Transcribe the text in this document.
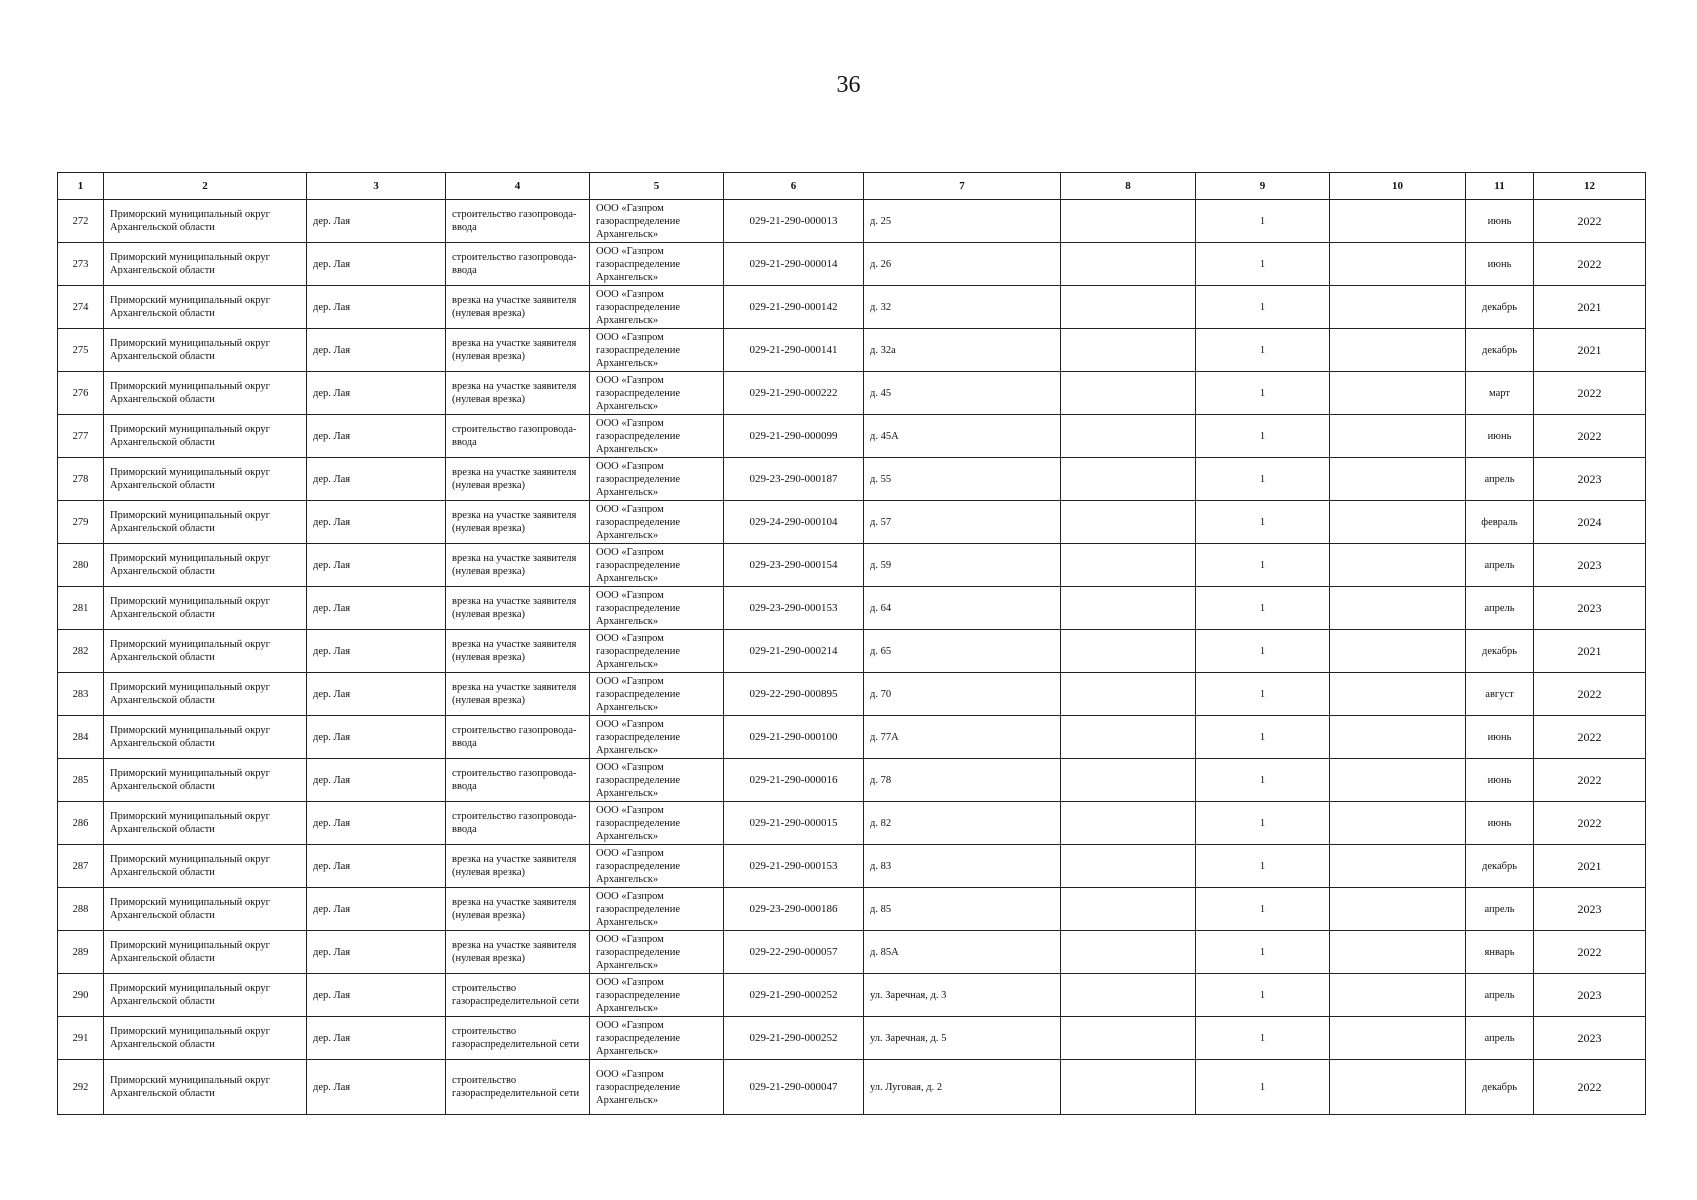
36
1	2	3	4	5	6	7	8	9	10	11	12
272	Приморский муниципальный округ Архангельской области	дер. Лая	строительство газопровода-ввода	ООО «Газпром газораспределение Архангельск»	029-21-290-000013	д. 25		1		июнь	2022
273	Приморский муниципальный округ Архангельской области	дер. Лая	строительство газопровода-ввода	ООО «Газпром газораспределение Архангельск»	029-21-290-000014	д. 26		1		июнь	2022
274	Приморский муниципальный округ Архангельской области	дер. Лая	врезка на участке заявителя (нулевая врезка)	ООО «Газпром газораспределение Архангельск»	029-21-290-000142	д. 32		1		декабрь	2021
275	Приморский муниципальный округ Архангельской области	дер. Лая	врезка на участке заявителя (нулевая врезка)	ООО «Газпром газораспределение Архангельск»	029-21-290-000141	д. 32а		1		декабрь	2021
276	Приморский муниципальный округ Архангельской области	дер. Лая	врезка на участке заявителя (нулевая врезка)	ООО «Газпром газораспределение Архангельск»	029-21-290-000222	д. 45		1		март	2022
277	Приморский муниципальный округ Архангельской области	дер. Лая	строительство газопровода-ввода	ООО «Газпром газораспределение Архангельск»	029-21-290-000099	д. 45А		1		июнь	2022
278	Приморский муниципальный округ Архангельской области	дер. Лая	врезка на участке заявителя (нулевая врезка)	ООО «Газпром газораспределение Архангельск»	029-23-290-000187	д. 55		1		апрель	2023
279	Приморский муниципальный округ Архангельской области	дер. Лая	врезка на участке заявителя (нулевая врезка)	ООО «Газпром газораспределение Архангельск»	029-24-290-000104	д. 57		1		февраль	2024
280	Приморский муниципальный округ Архангельской области	дер. Лая	врезка на участке заявителя (нулевая врезка)	ООО «Газпром газораспределение Архангельск»	029-23-290-000154	д. 59		1		апрель	2023
281	Приморский муниципальный округ Архангельской области	дер. Лая	врезка на участке заявителя (нулевая врезка)	ООО «Газпром газораспределение Архангельск»	029-23-290-000153	д. 64		1		апрель	2023
282	Приморский муниципальный округ Архангельской области	дер. Лая	врезка на участке заявителя (нулевая врезка)	ООО «Газпром газораспределение Архангельск»	029-21-290-000214	д. 65		1		декабрь	2021
283	Приморский муниципальный округ Архангельской области	дер. Лая	врезка на участке заявителя (нулевая врезка)	ООО «Газпром газораспределение Архангельск»	029-22-290-000895	д. 70		1		август	2022
284	Приморский муниципальный округ Архангельской области	дер. Лая	строительство газопровода-ввода	ООО «Газпром газораспределение Архангельск»	029-21-290-000100	д. 77А		1		июнь	2022
285	Приморский муниципальный округ Архангельской области	дер. Лая	строительство газопровода-ввода	ООО «Газпром газораспределение Архангельск»	029-21-290-000016	д. 78		1		июнь	2022
286	Приморский муниципальный округ Архангельской области	дер. Лая	строительство газопровода-ввода	ООО «Газпром газораспределение Архангельск»	029-21-290-000015	д. 82		1		июнь	2022
287	Приморский муниципальный округ Архангельской области	дер. Лая	врезка на участке заявителя (нулевая врезка)	ООО «Газпром газораспределение Архангельск»	029-21-290-000153	д. 83		1		декабрь	2021
288	Приморский муниципальный округ Архангельской области	дер. Лая	врезка на участке заявителя (нулевая врезка)	ООО «Газпром газораспределение Архангельск»	029-23-290-000186	д. 85		1		апрель	2023
289	Приморский муниципальный округ Архангельской области	дер. Лая	врезка на участке заявителя (нулевая врезка)	ООО «Газпром газораспределение Архангельск»	029-22-290-000057	д. 85А		1		январь	2022
290	Приморский муниципальный округ Архангельской области	дер. Лая	строительство газораспределительной сети	ООО «Газпром газораспределение Архангельск»	029-21-290-000252	ул. Заречная, д. 3		1		апрель	2023
291	Приморский муниципальный округ Архангельской области	дер. Лая	строительство газораспределительной сети	ООО «Газпром газораспределение Архангельск»	029-21-290-000252	ул. Заречная, д. 5		1		апрель	2023
292	Приморский муниципальный округ Архангельской области	дер. Лая	строительство газораспределительной сети	ООО «Газпром газораспределение Архангельск»	029-21-290-000047	ул. Луговая, д. 2		1		декабрь	2022
